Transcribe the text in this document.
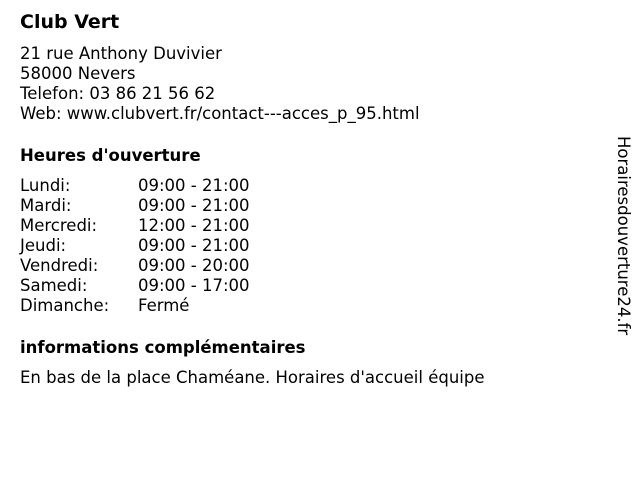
Club Vert
21 rue Anthony Duvivier
58000 Nevers
Telefon: 03 86 21 56 62
Web: www.clubvert.fr/contact---acces_p_95.html
Heures d'ouverture
Lundi:	09:00 - 21:00
Mardi:	09:00 - 21:00
Mercredi:	12:00 - 21:00
Jeudi:	09:00 - 21:00
Vendredi:	09:00 - 20:00
Samedi:	09:00 - 17:00
Dimanche:	Fermé
informations complémentaires
En bas de la place Chaméane. Horaires d'accueil équipe
Horairesdouverture24.fr
